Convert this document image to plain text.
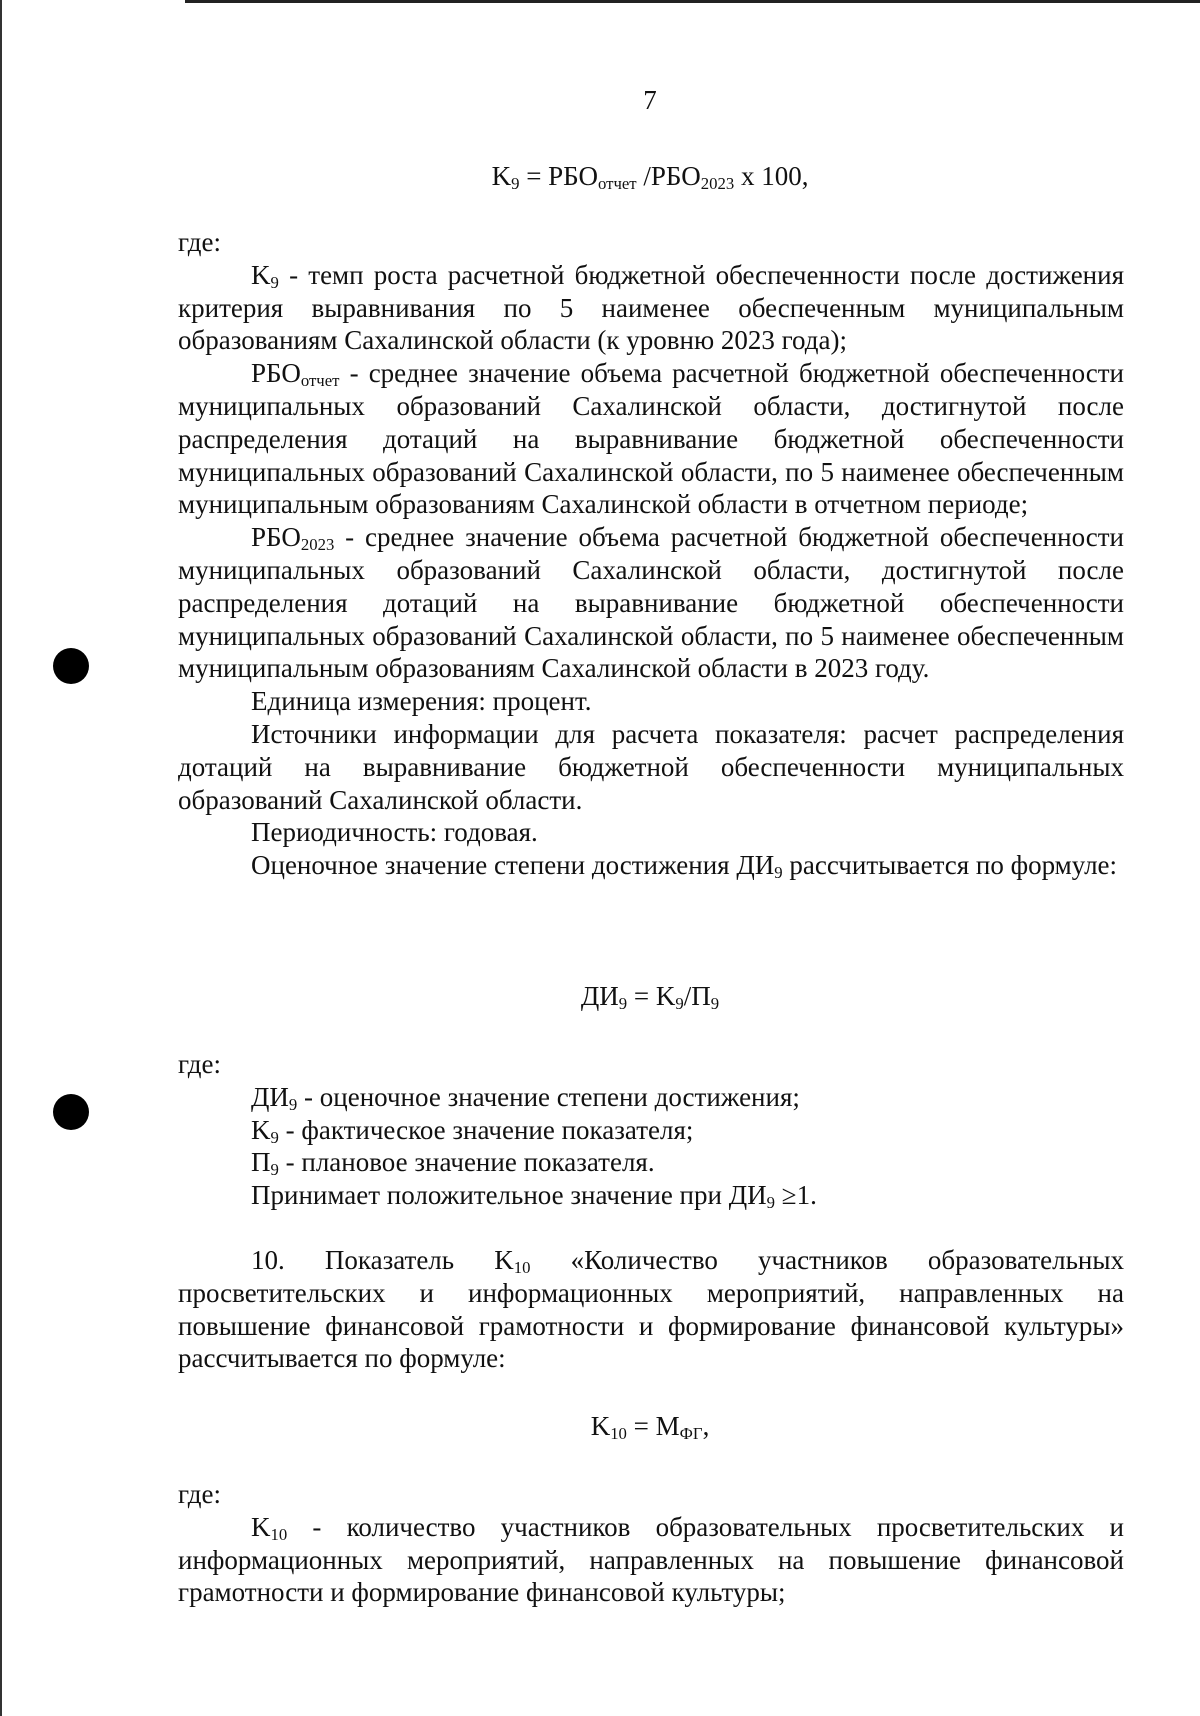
7
$K_9 = РБО_{отчет}$ $/РБО_{2023}$ х 100,

где:

$K_9$ - темп роста расчетной бюджетной обеспеченности после достижения критерия выравнивания по 5 наименее обеспеченным муниципальным образованиям Сахалинской области (к уровню 2023 года);

$РБО_{отчет}$ - среднее значение объема расчетной бюджетной обеспеченности муниципальных образований Сахалинской области, достигнутой после распределения дотаций на выравнивание бюджетной обеспеченности муниципальных образований Сахалинской области, по 5 наименее обеспеченным муниципальным образованиям Сахалинской области в отчетном периоде;

$РБО_{2023}$ - среднее значение объема расчетной бюджетной обеспеченности муниципальных образований Сахалинской области, достигнутой после распределения дотаций на выравнивание бюджетной обеспеченности муниципальных образований Сахалинской области, по 5 наименее обеспеченным муниципальным образованиям Сахалинской области в 2023 году.

Единица измерения: процент.

Источники информации для расчета показателя: расчет распределения дотаций на выравнивание бюджетной обеспеченности муниципальных образований Сахалинской области.

Периодичность: годовая.

Оценочное значение степени достижения $ДИ_9$ рассчитывается по формуле:

$ДИ_9 = K_9/П_9$

где:

$ДИ_9$ - оценочное значение степени достижения;

$K_9$ - фактическое значение показателя;

$П_9$ - плановое значение показателя.

Принимает положительное значение при $ДИ_9 \ge 1$.

10. Показатель $K_{10}$ «Количество участников образовательных просветительских и информационных мероприятий, направленных на повышение финансовой грамотности и формирование финансовой культуры» рассчитывается по формуле:

$K_{10} = M_{ФГ}$,

где:

$K_{10}$ - количество участников образовательных просветительских и информационных мероприятий, направленных на повышение финансовой грамотности и формирование финансовой культуры;
